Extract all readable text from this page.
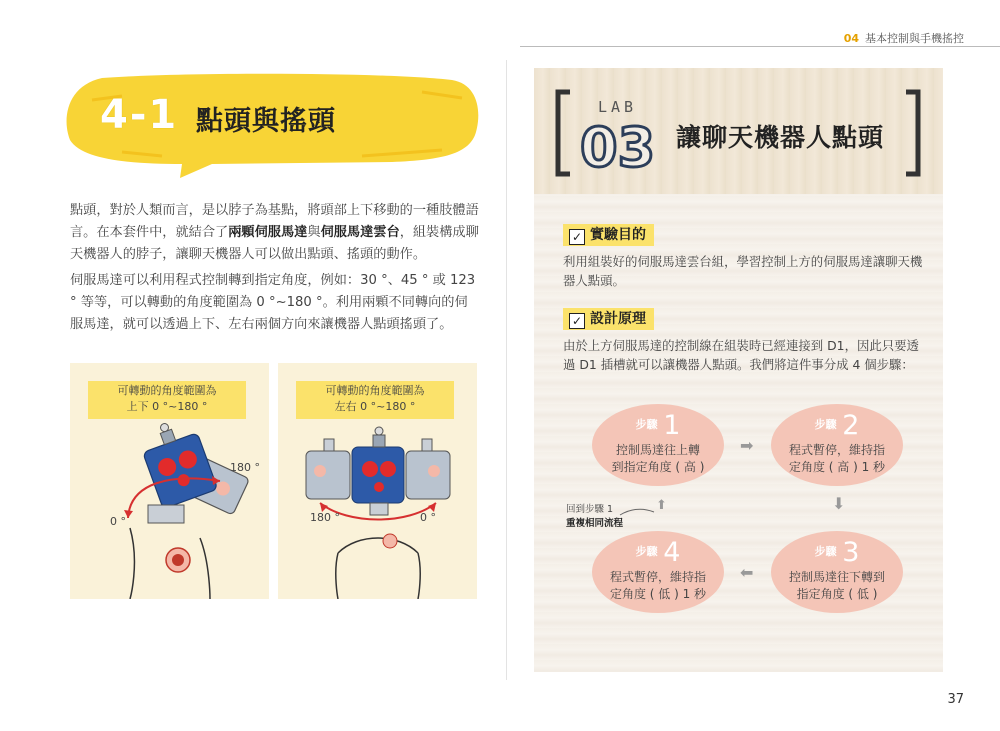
04 基本控制與手機搖控
4-1 點頭與搖頭
點頭，對於人類而言，是以脖子為基點，將頭部上下移動的一種肢體語言。在本套件中，就結合了兩顆伺服馬達與伺服馬達雲台，組裝構成聊天機器人的脖子，讓聊天機器人可以做出點頭、搖頭的動作。
伺服馬達可以利用程式控制轉到指定角度，例如：30 °、45 ° 或 123 ° 等等，可以轉動的角度範圍為 0 °~180 °。利用兩顆不同轉向的伺服馬達，就可以透過上下、左右兩個方向來讓機器人點頭搖頭了。
可轉動的角度範圍為
上下 0 °~180 °
180 °
0 °
可轉動的角度範圍為
左右 0 °~180 °
180 °	0 °
LAB
03 讓聊天機器人點頭
✓ 實驗目的
利用組裝好的伺服馬達雲台組，學習控制上方的伺服馬達讓聊天機器人點頭。
✓ 設計原理
由於上方伺服馬達的控制線在組裝時已經連接到 D1，因此只要透過 D1 插槽就可以讓機器人點頭。我們將這件事分成 4 個步驟：
$^{步驟}$ 1
控制馬達往上轉
到指定角度 ( 高 )
$^{步驟}$ 2
程式暫停，維持指
定角度 ( 高 ) 1 秒
$^{步驟}$ 3
控制馬達往下轉到
指定角度 ( 低 )
$^{步驟}$ 4
程式暫停，維持指
定角度 ( 低 ) 1 秒
➡
⬇
⬅
⬆
回到步驟 1
重複相同流程
37
